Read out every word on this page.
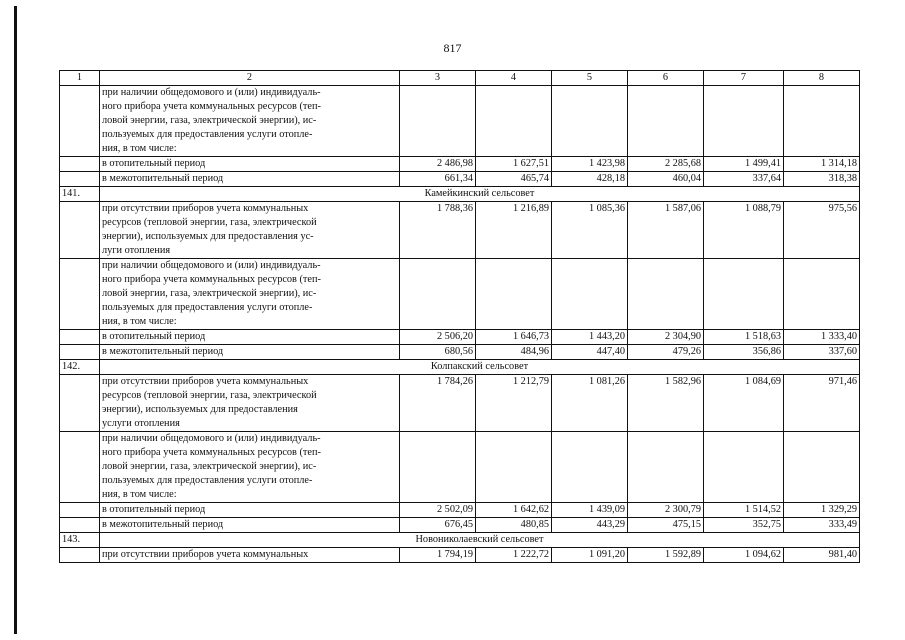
817
1	2	3	4	5	6	7	8

	при наличии общедомового и (или) индивидуаль-
ного прибора учета коммунальных ресурсов (теп-
ловой энергии, газа, электрической энергии), ис-
пользуемых для предоставления услуги отопле-
ния, в том числе:						

	в отопительный период	2 486,98	1 627,51	1 423,98	2 285,68	1 499,41	1 314,18
	в межотопительный период	661,34	465,74	428,18	460,04	337,64	318,38
141.	Камейкинский сельсовет						

	при отсутствии приборов учета коммунальных
ресурсов (тепловой энергии, газа, электрической
энергии), используемых для предоставления ус-
луги отопления	1 788,36	1 216,89	1 085,36	1 587,06	1 088,79	975,56

	при наличии общедомового и (или) индивидуаль-
ного прибора учета коммунальных ресурсов (теп-
ловой энергии, газа, электрической энергии), ис-
пользуемых для предоставления услуги отопле-
ния, в том числе:						

	в отопительный период	2 506,20	1 646,73	1 443,20	2 304,90	1 518,63	1 333,40
	в межотопительный период	680,56	484,96	447,40	479,26	356,86	337,60
142.	Колпакский сельсовет						

	при отсутствии приборов учета коммунальных
ресурсов (тепловой энергии, газа, электрической
энергии), используемых для предоставления
услуги отопления	1 784,26	1 212,79	1 081,26	1 582,96	1 084,69	971,46

	при наличии общедомового и (или) индивидуаль-
ного прибора учета коммунальных ресурсов (теп-
ловой энергии, газа, электрической энергии), ис-
пользуемых для предоставления услуги отопле-
ния, в том числе:						

	в отопительный период	2 502,09	1 642,62	1 439,09	2 300,79	1 514,52	1 329,29
	в межотопительный период	676,45	480,85	443,29	475,15	352,75	333,49
143.	Новониколаевский сельсовет						
	при отсутствии приборов учета коммунальных	1 794,19	1 222,72	1 091,20	1 592,89	1 094,62	981,40
